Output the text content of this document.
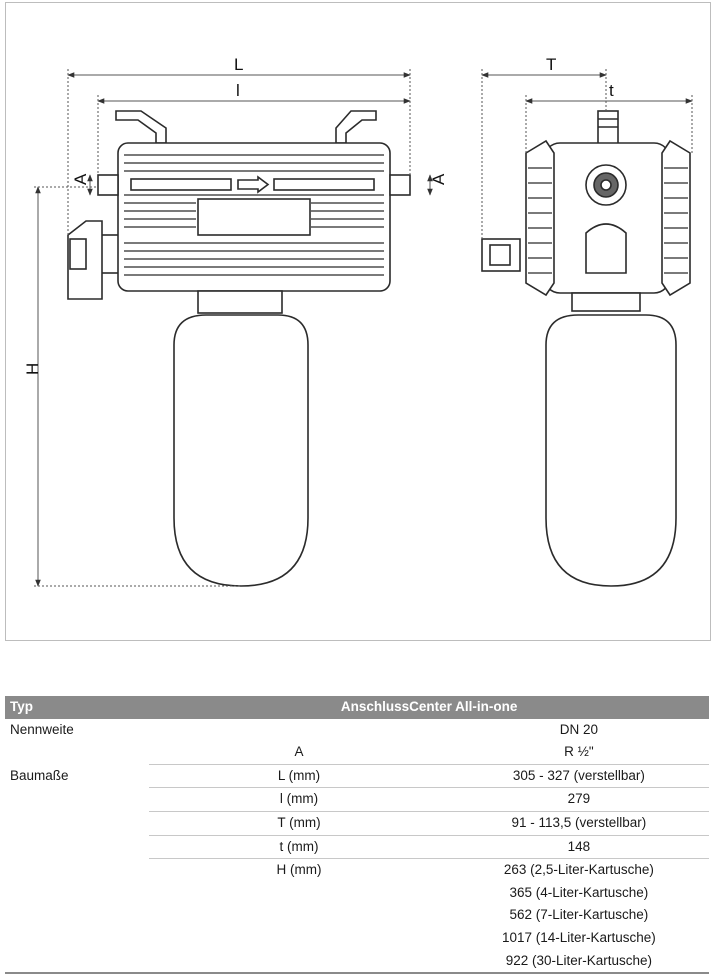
L
l
T
t
A	A
H
Typ	AnschlussCenter All-in-one	
Nennweite		DN 20
	A	R ½"
Baumaße	L (mm)	305 - 327 (verstellbar)
	l (mm)	279
	T (mm)	91 - 113,5 (verstellbar)
	t (mm)	148
	H (mm)	263 (2,5-Liter-Kartusche)
		365 (4-Liter-Kartusche)
		562 (7-Liter-Kartusche)
		1017 (14-Liter-Kartusche)
		922 (30-Liter-Kartusche)
